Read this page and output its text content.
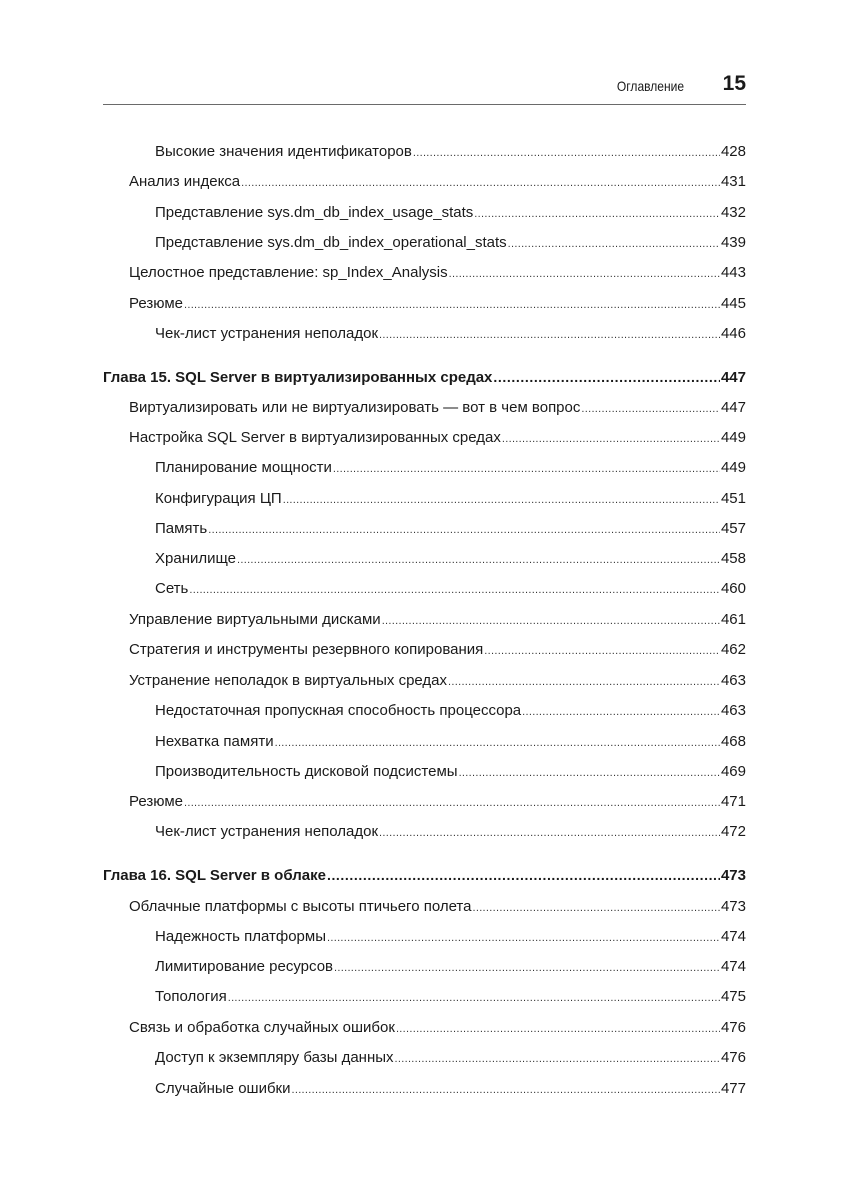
Оглавление 15
Высокие значения идентификаторов .....	428
Анализ индекса .....	431
Представление sys.dm_db_index_usage_stats .....	432
Представление sys.dm_db_index_operational_stats .....	439
Целостное представление: sp_Index_Analysis .....	443
Резюме .....	445
Чек-лист устранения неполадок .....	446
Глава 15. SQL Server в виртуализированных средах .....	447
Виртуализировать или не виртуализировать — вот в чем вопрос .....	447
Настройка SQL Server в виртуализированных средах .....	449
Планирование мощности .....	449
Конфигурация ЦП .....	451
Память .....	457
Хранилище .....	458
Сеть .....	460
Управление виртуальными дисками .....	461
Стратегия и инструменты резервного копирования .....	462
Устранение неполадок в виртуальных средах .....	463
Недостаточная пропускная способность процессора .....	463
Нехватка памяти .....	468
Производительность дисковой подсистемы .....	469
Резюме .....	471
Чек-лист устранения неполадок .....	472
Глава 16. SQL Server в облаке .....	473
Облачные платформы с высоты птичьего полета .....	473
Надежность платформы .....	474
Лимитирование ресурсов .....	474
Топология .....	475
Связь и обработка случайных ошибок .....	476
Доступ к экземпляру базы данных .....	476
Случайные ошибки .....	477
